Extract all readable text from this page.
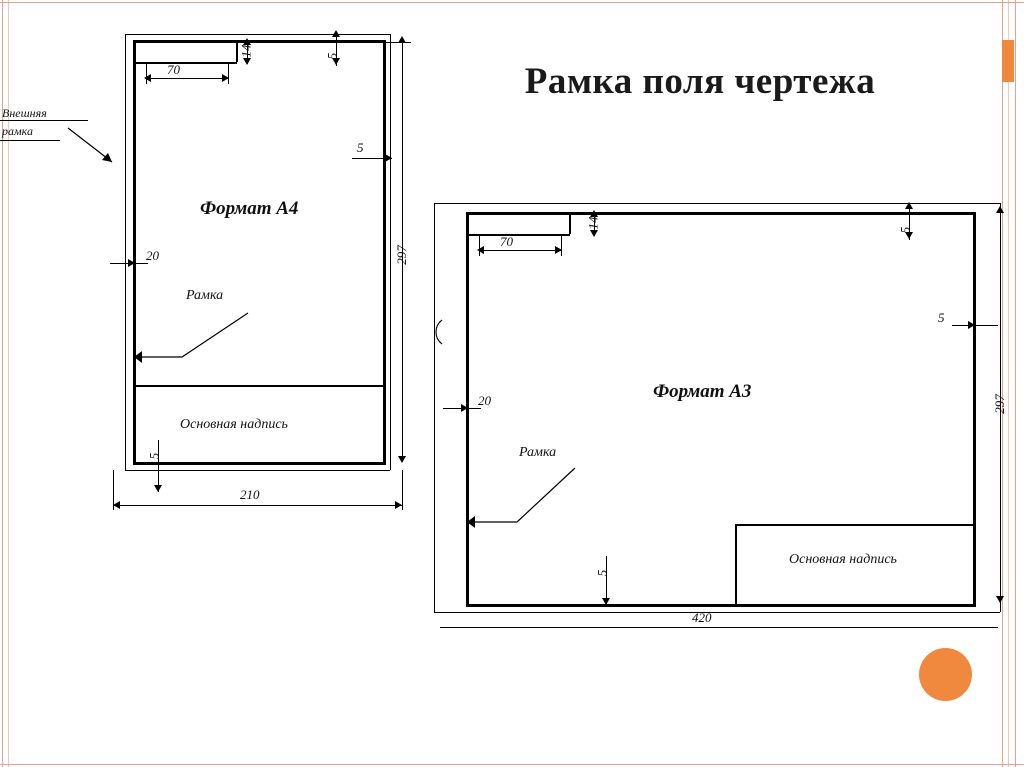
Рамка поля чертежа
Основная надпись
70
14	5
5
20
5
210
297
Формат А4
Рамка
Внешняя
рамка
Основная надпись
70
14
5
5
20
5
420
297
Формат А3
Рамка
